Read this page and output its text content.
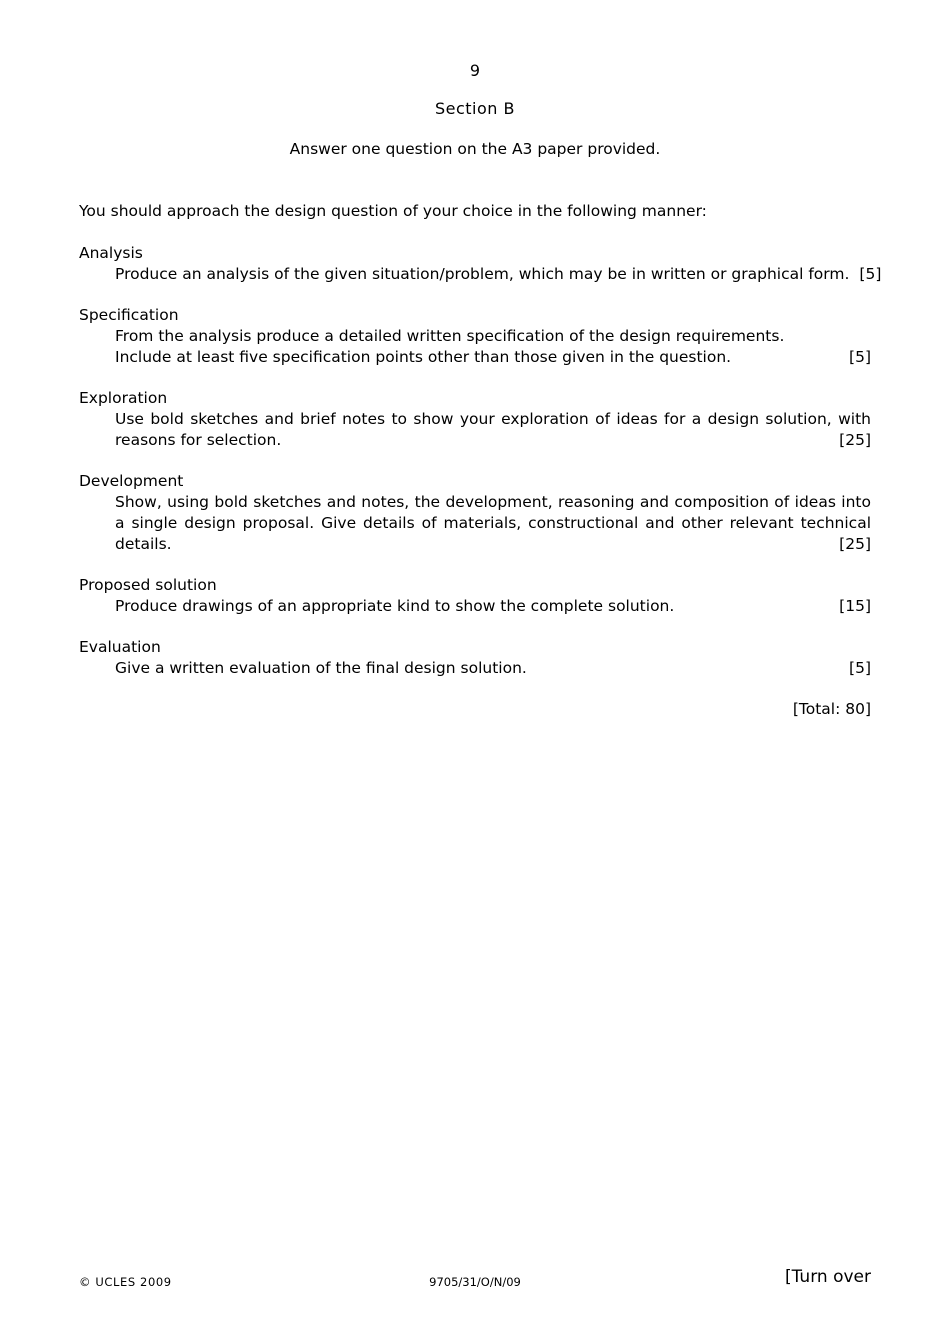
9
Section B
Answer one question on the A3 paper provided.
You should approach the design question of your choice in the following manner:
Analysis
Produce an analysis of the given situation/problem, which may be in written or graphical form. [5]
Specification
From the analysis produce a detailed written specification of the design requirements.
Include at least five specification points other than those given in the question.	[5]
Exploration
Use bold sketches and brief notes to show your exploration of ideas for a design solution, with
reasons for selection.	[25]
Development
Show, using bold sketches and notes, the development, reasoning and composition of ideas into
a single design proposal. Give details of materials, constructional and other relevant technical
details.	[25]
Proposed solution
Produce drawings of an appropriate kind to show the complete solution.	[15]
Evaluation
Give a written evaluation of the final design solution.	[5]
[Total: 80]
© UCLES 2009	9705/31/O/N/09	[Turn over
